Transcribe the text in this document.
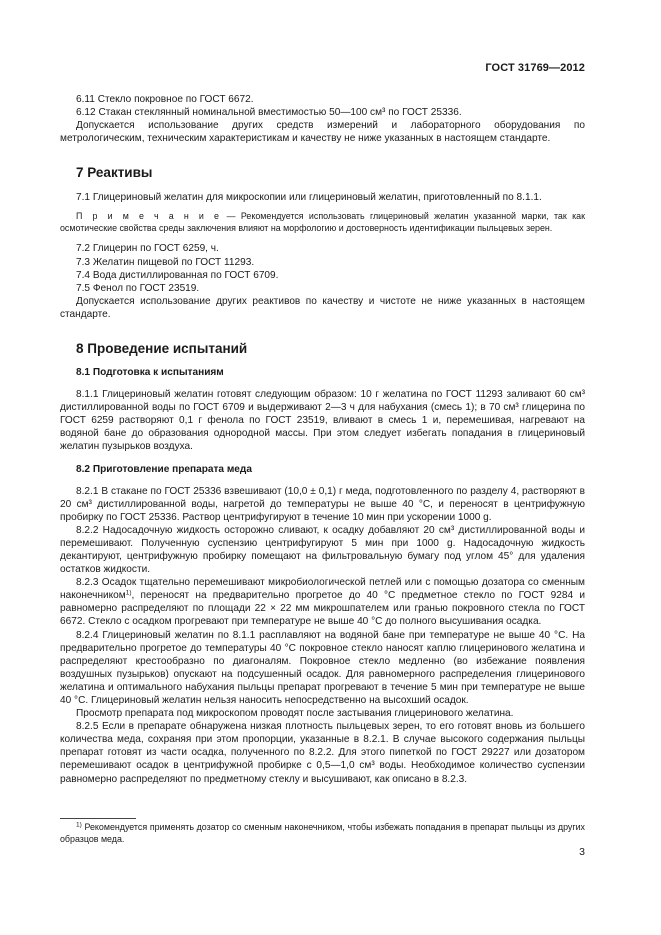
ГОСТ 31769—2012

6.11 Стекло покровное по ГОСТ 6672.

6.12 Стакан стеклянный номинальной вместимостью 50—100 см³ по ГОСТ 25336.

Допускается использование других средств измерений и лабораторного оборудования по метрологическим, техническим характеристикам и качеству не ниже указанных в настоящем стандарте.

7 Реактивы

7.1 Глицериновый желатин для микроскопии или глицериновый желатин, приготовленный по 8.1.1.

П р и м е ч а н и е — Рекомендуется использовать глицериновый желатин указанной марки, так как осмотические свойства среды заключения влияют на морфологию и достоверность идентификации пыльцевых зерен.

7.2 Глицерин по ГОСТ 6259, ч.

7.3 Желатин пищевой по ГОСТ 11293.

7.4 Вода дистиллированная по ГОСТ 6709.

7.5 Фенол по ГОСТ 23519.

Допускается использование других реактивов по качеству и чистоте не ниже указанных в настоящем стандарте.

8 Проведение испытаний
8.1 Подготовка к испытаниям

8.1.1 Глицериновый желатин готовят следующим образом: 10 г желатина по ГОСТ 11293 заливают 60 см³ дистиллированной воды по ГОСТ 6709 и выдерживают 2—3 ч для набухания (смесь 1); в 70 см³ глицерина по ГОСТ 6259 растворяют 0,1 г фенола по ГОСТ 23519, вливают в смесь 1 и, перемешивая, нагревают на водяной бане до образования однородной массы. При этом следует избегать попадания в глицериновый желатин пузырьков воздуха.

8.2 Приготовление препарата меда

8.2.1 В стакане по ГОСТ 25336 взвешивают (10,0 ± 0,1) г меда, подготовленного по разделу 4, растворяют в 20 см³ дистиллированной воды, нагретой до температуры не выше 40 °С, и переносят в центрифужную пробирку по ГОСТ 25336. Раствор центрифугируют в течение 10 мин при ускорении 1000 g.

8.2.2 Надосадочную жидкость осторожно сливают, к осадку добавляют 20 см³ дистиллированной воды и перемешивают. Полученную суспензию центрифугируют 5 мин при 1000 g. Надосадочную жидкость декантируют, центрифужную пробирку помещают на фильтровальную бумагу под углом 45° для удаления остатков жидкости.

8.2.3 Осадок тщательно перемешивают микробиологической петлей или с помощью дозатора со сменным наконечником$^{1)}$, переносят на предварительно прогретое до 40 °С предметное стекло по ГОСТ 9284 и равномерно распределяют по площади 22 × 22 мм микрошпателем или гранью покровного стекла по ГОСТ 6672. Стекло с осадком прогревают при температуре не выше 40 °С до полного высушивания осадка.

8.2.4 Глицериновый желатин по 8.1.1 расплавляют на водяной бане при температуре не выше 40 °С. На предварительно прогретое до температуры 40 °С покровное стекло наносят каплю глицеринового желатина и распределяют крестообразно по диагоналям. Покровное стекло медленно (во избежание появления воздушных пузырьков) опускают на подсушенный осадок. Для равномерного распределения глицеринового желатина и оптимального набухания пыльцы препарат прогревают в течение 5 мин при температуре не выше 40 °С. Глицериновый желатин нельзя наносить непосредственно на высохший осадок.

Просмотр препарата под микроскопом проводят после застывания глицеринового желатина.

8.2.5 Если в препарате обнаружена низкая плотность пыльцевых зерен, то его готовят вновь из большего количества меда, сохраняя при этом пропорции, указанные в 8.2.1. В случае высокого содержания пыльцы препарат готовят из части осадка, полученного по 8.2.2. Для этого пипеткой по ГОСТ 29227 или дозатором перемешивают осадок в центрифужной пробирке с 0,5—1,0 см³ воды. Необходимое количество суспензии равномерно распределяют по предметному стеклу и высушивают, как описано в 8.2.3.

$^{1)}$ Рекомендуется применять дозатор со сменным наконечником, чтобы избежать попадания в препарат пыльцы из других образцов меда.
3
